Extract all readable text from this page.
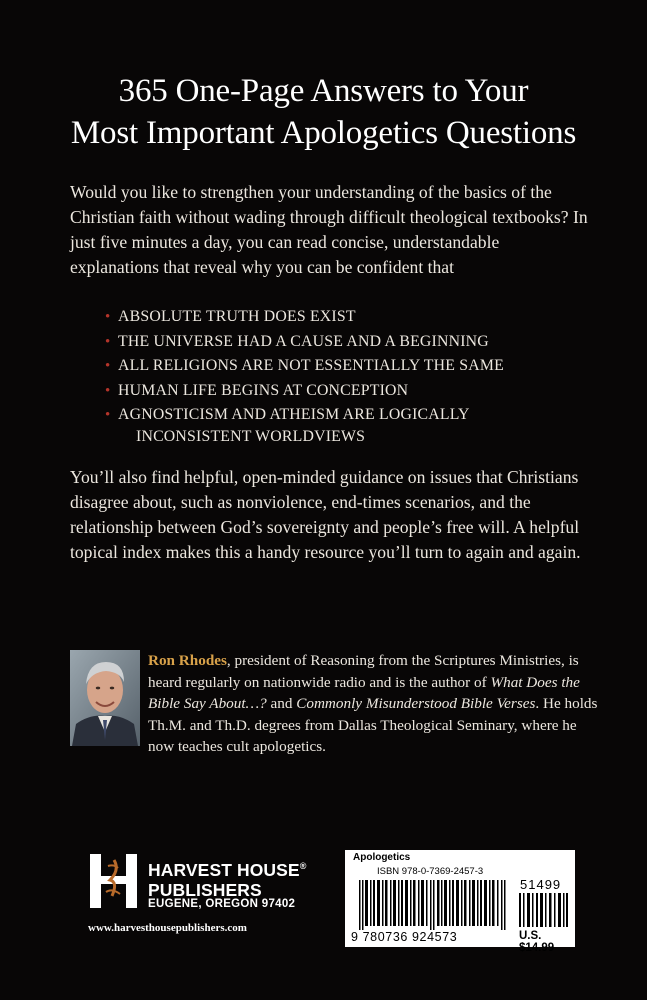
365 One-Page Answers to Your
Most Important Apologetics Questions
Would you like to strengthen your understanding of the basics of the Christian faith without wading through difficult theological textbooks? In just five minutes a day, you can read concise, understandable explanations that reveal why you can be confident that
• ABSOLUTE TRUTH DOES EXIST
• THE UNIVERSE HAD A CAUSE AND A BEGINNING
• ALL RELIGIONS ARE NOT ESSENTIALLY THE SAME
• HUMAN LIFE BEGINS AT CONCEPTION
• AGNOSTICISM AND ATHEISM ARE LOGICALLY
INCONSISTENT WORLDVIEWS
You’ll also find helpful, open-minded guidance on issues that Christians disagree about, such as nonviolence, end-times scenarios, and the relationship between God’s sovereignty and people’s free will. A helpful topical index makes this a handy resource you’ll turn to again and again.
Ron Rhodes, president of Reasoning from the Scriptures Ministries, is heard regularly on nationwide radio and is the author of What Does the Bible Say About…? and Commonly Misunderstood Bible Verses. He holds Th.M. and Th.D. degrees from Dallas Theological Seminary, where he now teaches cult apologetics.
HARVEST HOUSE®
PUBLISHERS
EUGENE, OREGON 97402
www.harvesthousepublishers.com
Apologetics
ISBN 978-0-7369-2457-3
51499
9 780736 924573	U.S. $14.99
